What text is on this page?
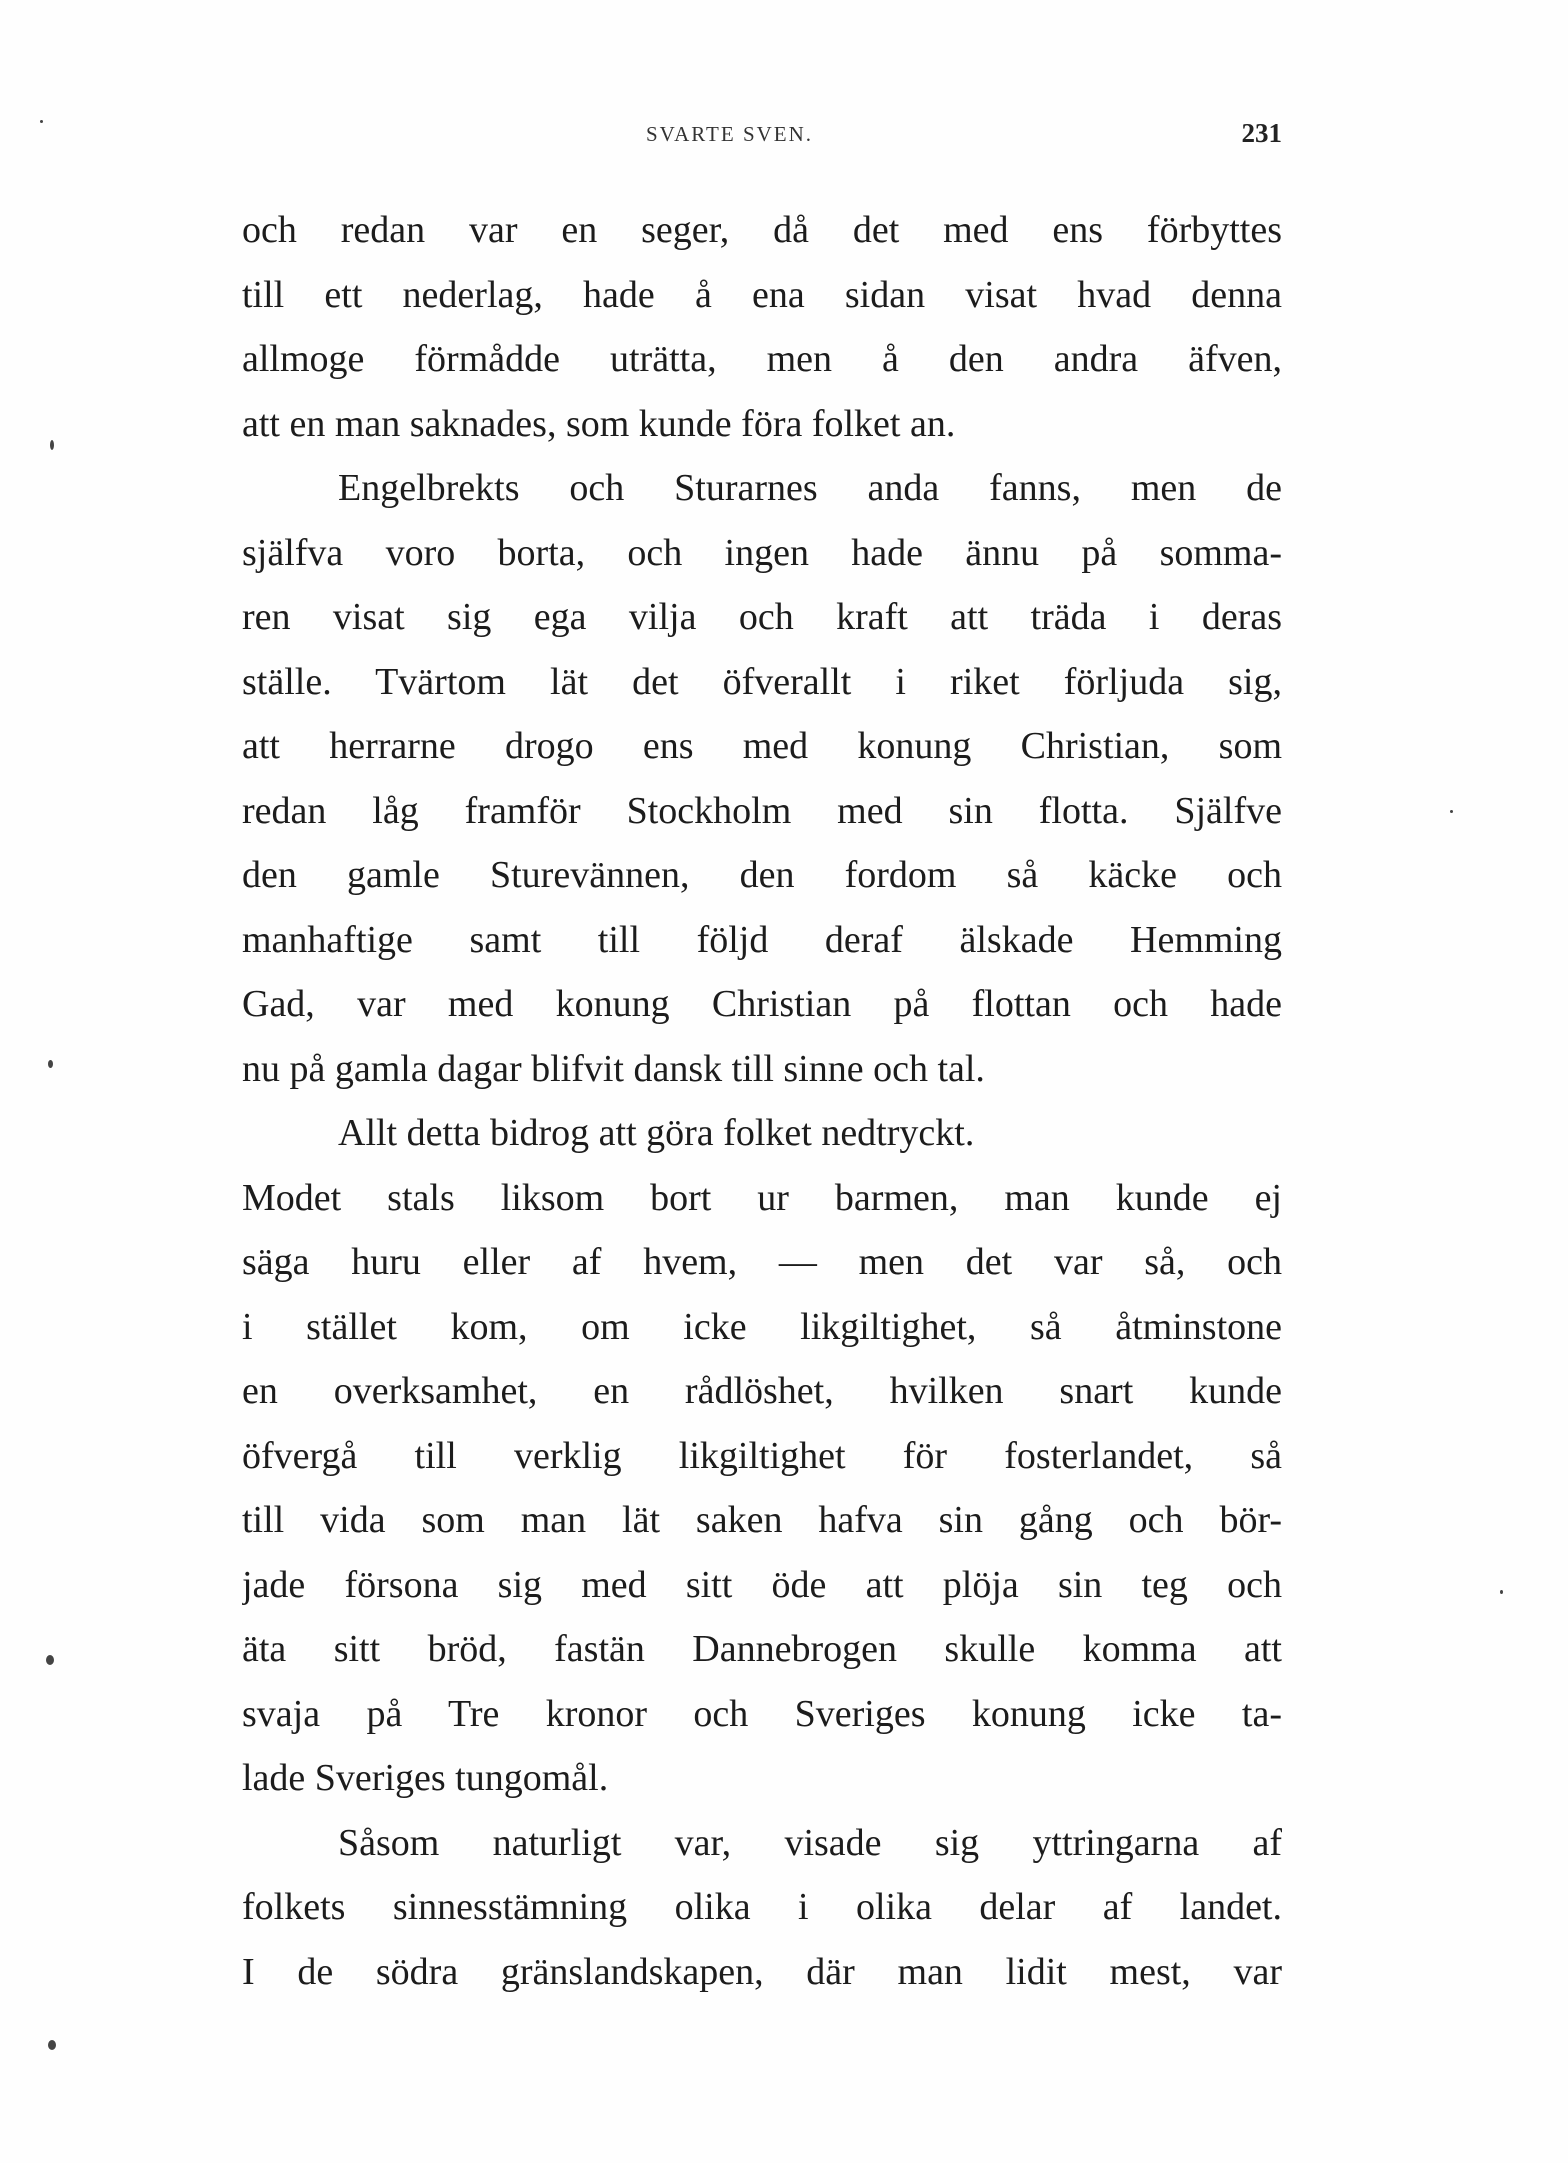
SVARTE SVEN.	231
och redan var en seger, då det med ens förbyttes
till ett nederlag, hade å ena sidan visat hvad denna
allmoge förmådde uträtta, men å den andra äfven,
att en man saknades, som kunde föra folket an.
Engelbrekts och Sturarnes anda fanns, men de
själfva voro borta, och ingen hade ännu på somma-
ren visat sig ega vilja och kraft att träda i deras
ställe. Tvärtom lät det öfverallt i riket förljuda sig,
att herrarne drogo ens med konung Christian, som
redan låg framför Stockholm med sin flotta. Själfve
den gamle Sturevännen, den fordom så käcke och
manhaftige samt till följd deraf älskade Hemming
Gad, var med konung Christian på flottan och hade
nu på gamla dagar blifvit dansk till sinne och tal.
Allt detta bidrog att göra folket nedtryckt.
Modet stals liksom bort ur barmen, man kunde ej
säga huru eller af hvem, — men det var så, och
i stället kom, om icke likgiltighet, så åtminstone
en overksamhet, en rådlöshet, hvilken snart kunde
öfvergå till verklig likgiltighet för fosterlandet, så
till vida som man lät saken hafva sin gång och bör-
jade försona sig med sitt öde att plöja sin teg och
äta sitt bröd, fastän Dannebrogen skulle komma att
svaja på Tre kronor och Sveriges konung icke ta-
lade Sveriges tungomål.
Såsom naturligt var, visade sig yttringarna af
folkets sinnesstämning olika i olika delar af landet.
I de södra gränslandskapen, där man lidit mest, var
